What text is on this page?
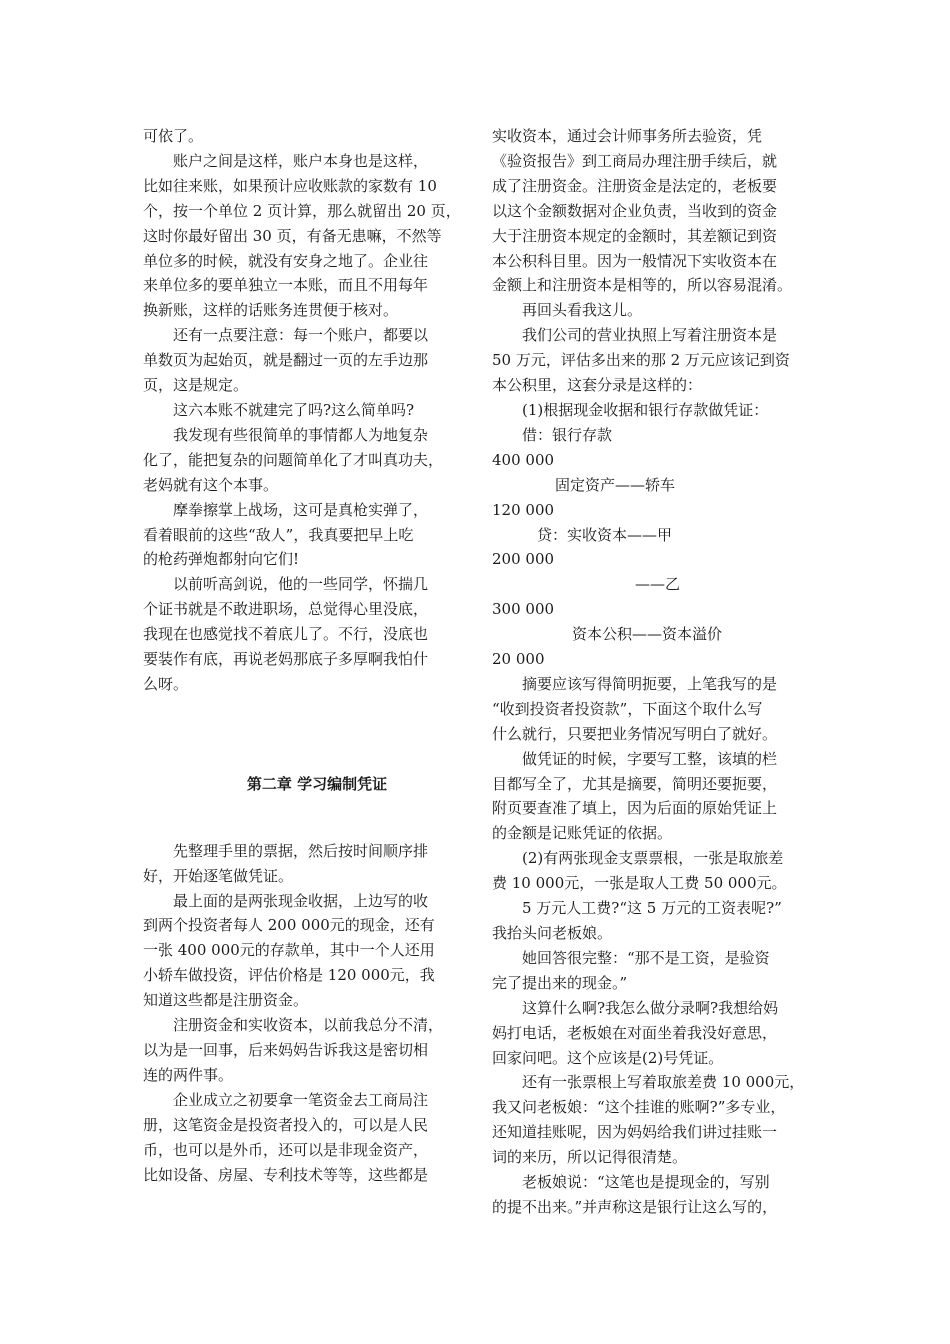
可依了。

账户之间是这样，账户本身也是这样，

比如往来账，如果预计应收账款的家数有 10

个，按一个单位 2 页计算，那么就留出 20 页，

这时你最好留出 30 页，有备无患嘛，不然等

单位多的时候，就没有安身之地了。企业往

来单位多的要单独立一本账，而且不用每年

换新账，这样的话账务连贯便于核对。

还有一点要注意：每一个账户，都要以

单数页为起始页，就是翻过一页的左手边那

页，这是规定。

这六本账不就建完了吗?这么简单吗?

我发现有些很简单的事情都人为地复杂

化了，能把复杂的问题简单化了才叫真功夫，

老妈就有这个本事。

摩拳擦掌上战场，这可是真枪实弹了，

看着眼前的这些“敌人”，我真要把早上吃

的枪药弹炮都射向它们!

以前听高剑说，他的一些同学，怀揣几

个证书就是不敢进职场，总觉得心里没底，

我现在也感觉找不着底儿了。不行，没底也

要装作有底，再说老妈那底子多厚啊我怕什

么呀。

第二章 学习编制凭证

先整理手里的票据，然后按时间顺序排

好，开始逐笔做凭证。

最上面的是两张现金收据，上边写的收

到两个投资者每人 200 000元的现金，还有

一张 400 000元的存款单，其中一个人还用

小轿车做投资，评估价格是 120 000元，我

知道这些都是注册资金。

注册资金和实收资本，以前我总分不清，

以为是一回事，后来妈妈告诉我这是密切相

连的两件事。

企业成立之初要拿一笔资金去工商局注

册，这笔资金是投资者投入的，可以是人民

币，也可以是外币，还可以是非现金资产，

比如设备、房屋、专利技术等等，这些都是

实收资本，通过会计师事务所去验资，凭

《验资报告》到工商局办理注册手续后，就

成了注册资金。注册资金是法定的，老板要

以这个金额数据对企业负责，当收到的资金

大于注册资本规定的金额时，其差额记到资

本公积科目里。因为一般情况下实收资本在

金额上和注册资本是相等的，所以容易混淆。

再回头看我这儿。

我们公司的营业执照上写着注册资本是

50 万元，评估多出来的那 2 万元应该记到资

本公积里，这套分录是这样的：

(1)根据现金收据和银行存款做凭证：

借：银行存款

400 000

固定资产——轿车

120 000

贷：实收资本——甲

200 000

——乙

300 000

资本公积——资本溢价

20 000

摘要应该写得简明扼要，上笔我写的是

“收到投资者投资款”，下面这个取什么写

什么就行，只要把业务情况写明白了就好。

做凭证的时候，字要写工整，该填的栏

目都写全了，尤其是摘要，简明还要扼要，

附页要查准了填上，因为后面的原始凭证上

的金额是记账凭证的依据。

(2)有两张现金支票票根，一张是取旅差

费 10 000元，一张是取人工费 50 000元。

5 万元人工费?“这 5 万元的工资表呢?”

我抬头问老板娘。

她回答很完整：“那不是工资，是验资

完了提出来的现金。”

这算什么啊?我怎么做分录啊?我想给妈

妈打电话，老板娘在对面坐着我没好意思，

回家问吧。这个应该是(2)号凭证。

还有一张票根上写着取旅差费 10 000元，

我又问老板娘：“这个挂谁的账啊?”多专业，

还知道挂账呢，因为妈妈给我们讲过挂账一

词的来历，所以记得很清楚。

老板娘说：“这笔也是提现金的，写别

的提不出来。”并声称这是银行让这么写的，
